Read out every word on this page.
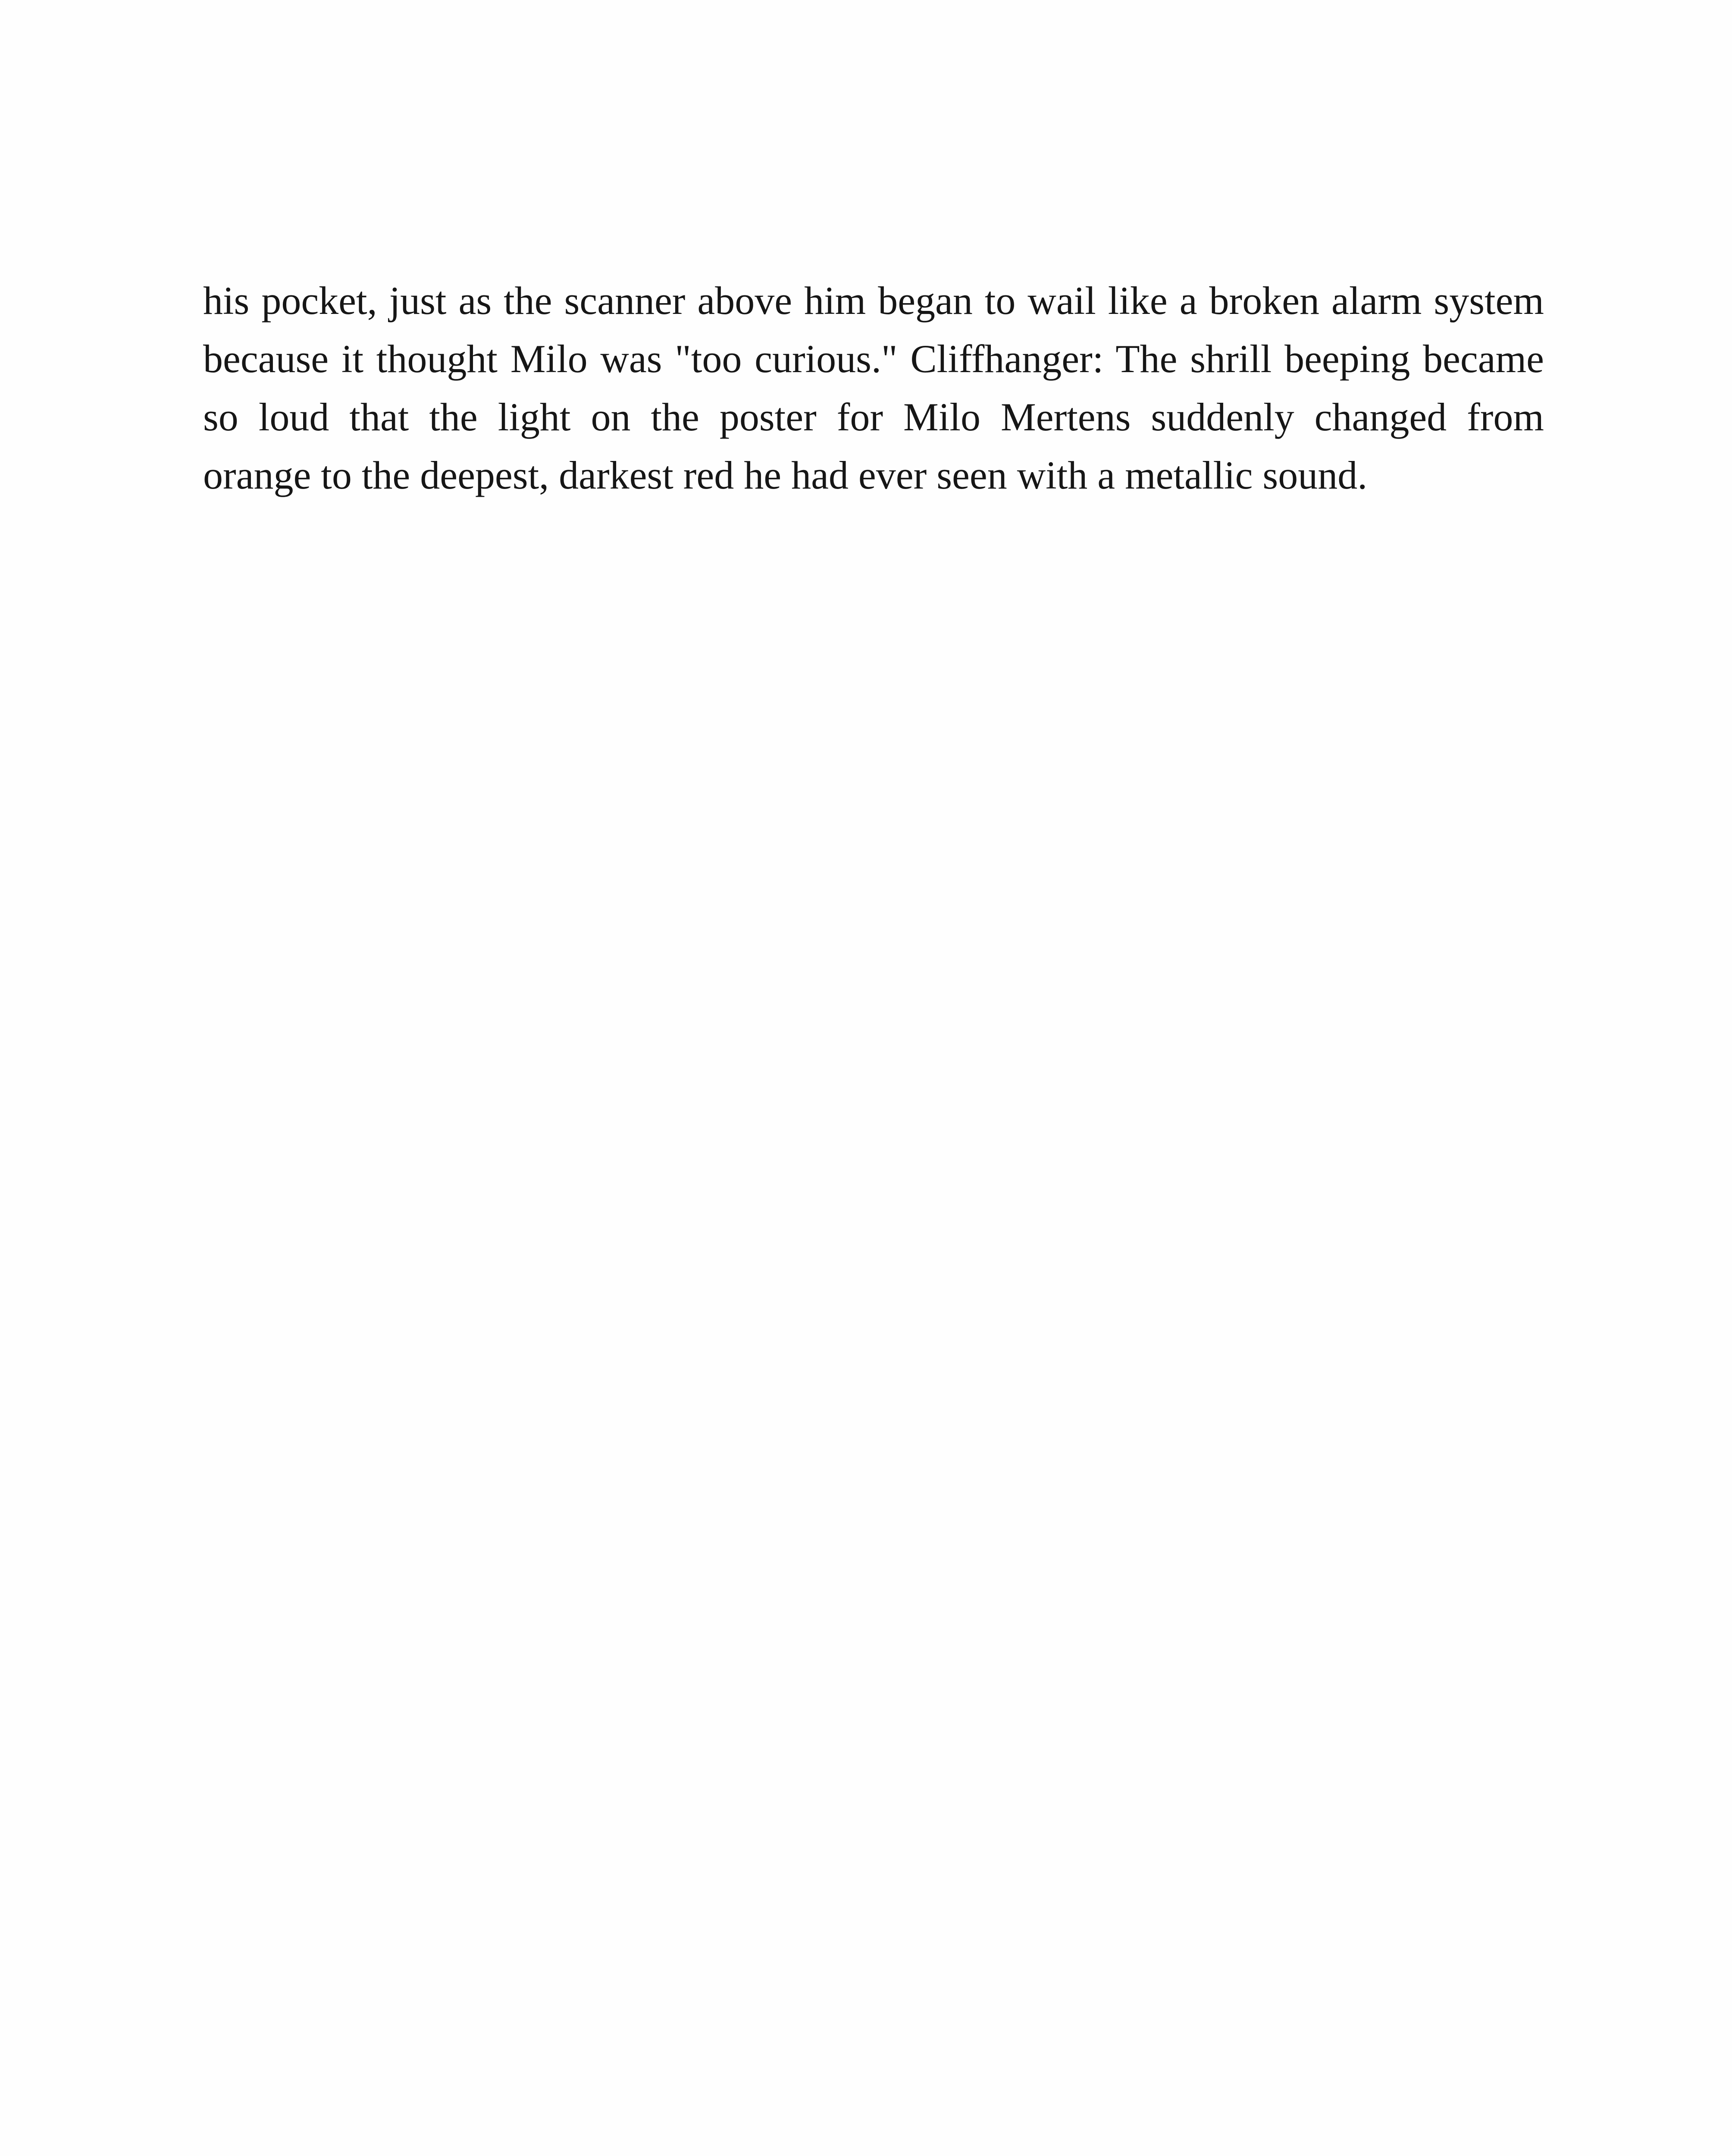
his pocket, just as the scanner above him began to wail like a broken alarm system
because it thought Milo was "too curious." Cliffhanger: The shrill beeping became
so loud that the light on the poster for Milo Mertens suddenly changed from
orange to the deepest, darkest red he had ever seen with a metallic sound.
